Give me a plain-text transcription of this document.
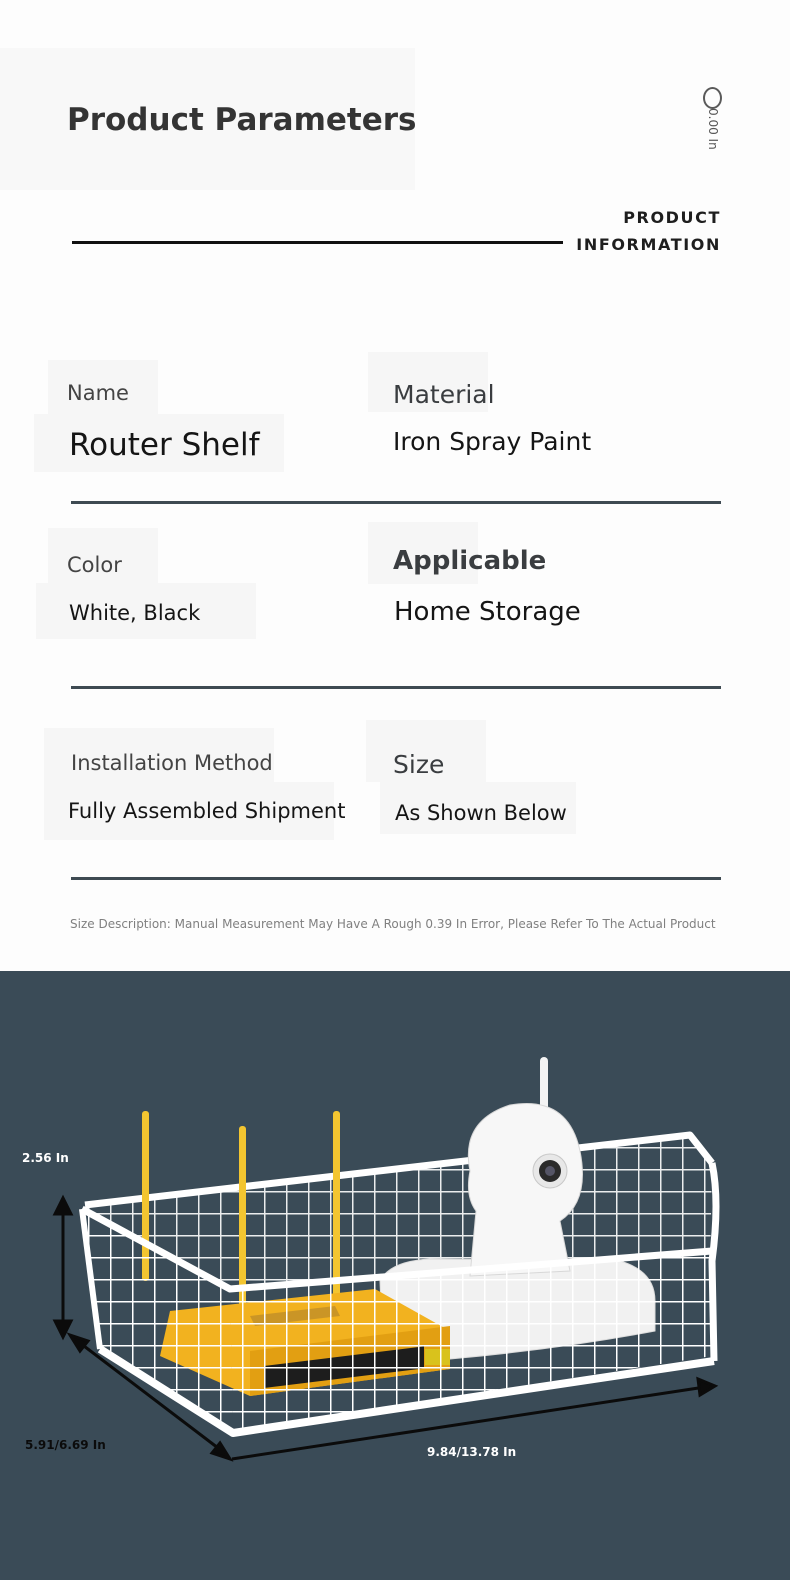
Product Parameters	0.00 In
PRODUCT
INFORMATION
Name
Router Shelf
Material
Iron Spray Paint
Color
White, Black
Applicable
Home Storage
Installation Method
Fully Assembled Shipment
Size
As Shown Below
Size Description: Manual Measurement May Have A Rough 0.39 In Error, Please Refer To The Actual Product
2.56 In
5.91/6.69 In	9.84/13.78 In
